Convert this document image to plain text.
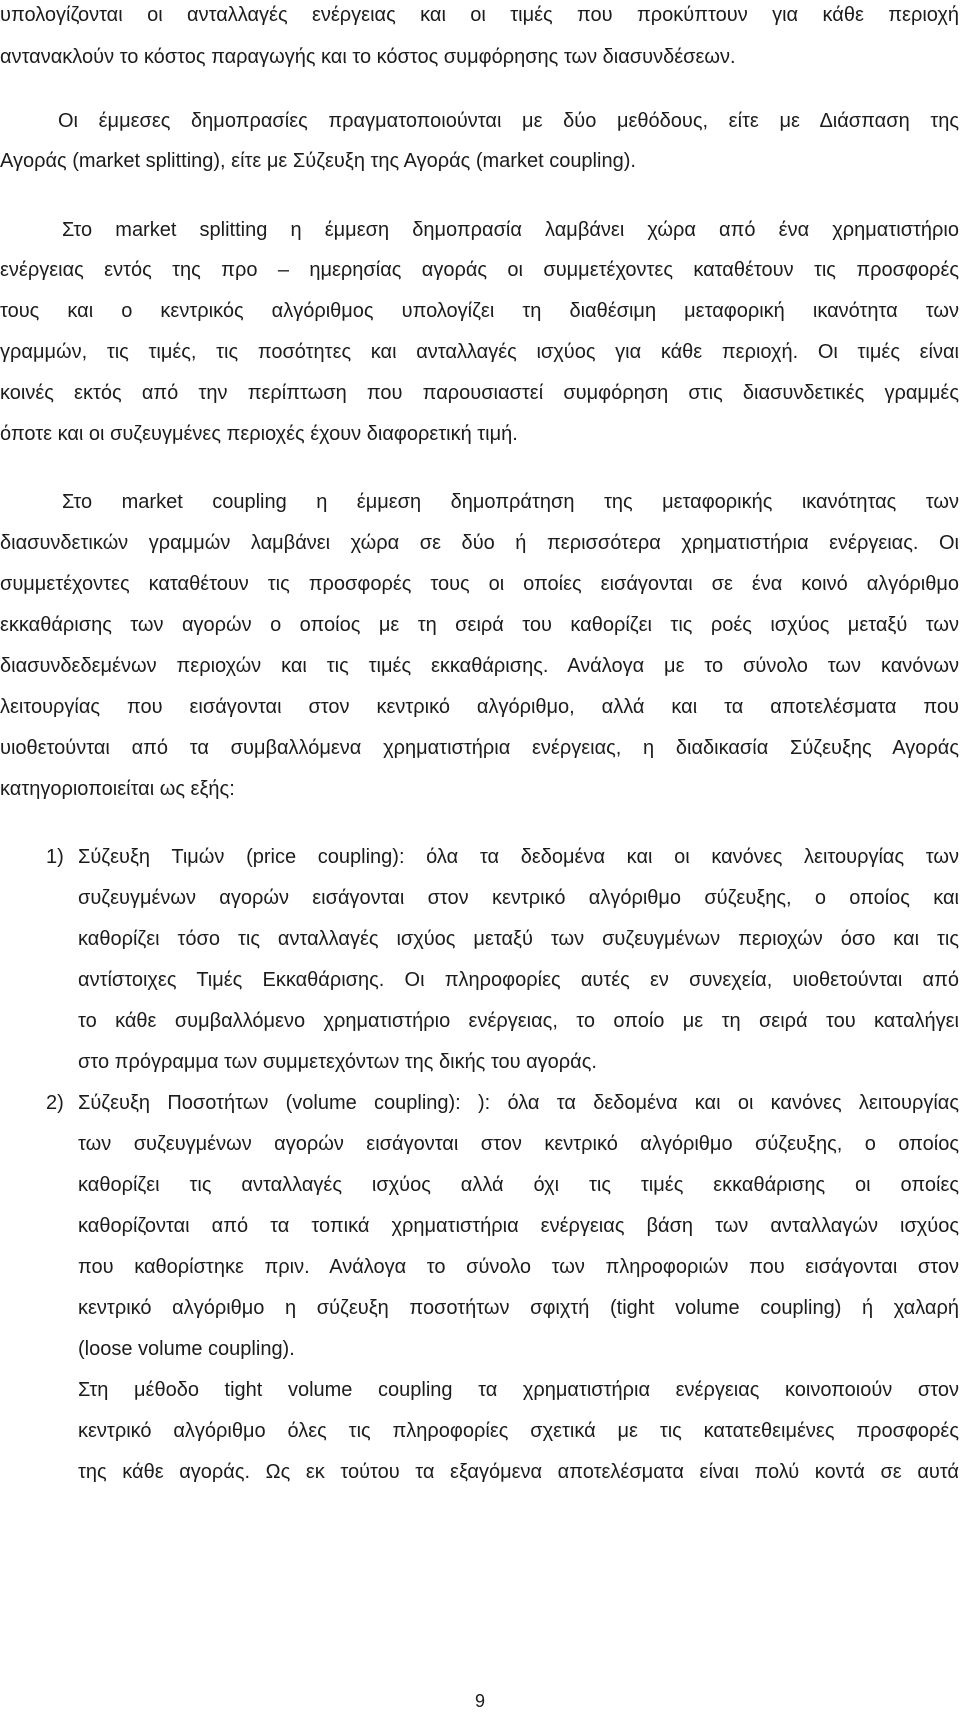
υπολογίζονται οι ανταλλαγές ενέργειας και οι τιμές που προκύπτουν για κάθε περιοχή
αντανακλούν το κόστος παραγωγής και το κόστος συμφόρησης των διασυνδέσεων.
Οι έμμεσες δημοπρασίες πραγματοποιούνται με δύο μεθόδους, είτε με Διάσπαση της
Αγοράς (market splitting), είτε με Σύζευξη της Αγοράς (market coupling).
Στο market splitting η έμμεση δημοπρασία λαμβάνει χώρα από ένα χρηματιστήριο
ενέργειας εντός της προ – ημερησίας αγοράς οι συμμετέχοντες καταθέτουν τις προσφορές
τους και ο κεντρικός αλγόριθμος υπολογίζει τη διαθέσιμη μεταφορική ικανότητα των
γραμμών, τις τιμές, τις ποσότητες και ανταλλαγές ισχύος για κάθε περιοχή. Οι τιμές είναι
κοινές εκτός από την περίπτωση που παρουσιαστεί συμφόρηση στις διασυνδετικές γραμμές
όποτε και οι συζευγμένες περιοχές έχουν διαφορετική τιμή.
Στο market coupling η έμμεση δημοπράτηση της μεταφορικής ικανότητας των
διασυνδετικών γραμμών λαμβάνει χώρα σε δύο ή περισσότερα χρηματιστήρια ενέργειας. Οι
συμμετέχοντες καταθέτουν τις προσφορές τους οι οποίες εισάγονται σε ένα κοινό αλγόριθμο
εκκαθάρισης των αγορών ο οποίος με τη σειρά του καθορίζει τις ροές ισχύος μεταξύ των
διασυνδεδεμένων περιοχών και τις τιμές εκκαθάρισης. Ανάλογα με το σύνολο των κανόνων
λειτουργίας που εισάγονται στον κεντρικό αλγόριθμο, αλλά και τα αποτελέσματα που
υιοθετούνται από τα συμβαλλόμενα χρηματιστήρια ενέργειας, η διαδικασία Σύζευξης Αγοράς
κατηγοριοποιείται ως εξής:
1) Σύζευξη Τιμών (price coupling): όλα τα δεδομένα και οι κανόνες λειτουργίας των
συζευγμένων αγορών εισάγονται στον κεντρικό αλγόριθμο σύζευξης, ο οποίος και
καθορίζει τόσο τις ανταλλαγές ισχύος μεταξύ των συζευγμένων περιοχών όσο και τις
αντίστοιχες Τιμές Εκκαθάρισης. Οι πληροφορίες αυτές εν συνεχεία, υιοθετούνται από
το κάθε συμβαλλόμενο χρηματιστήριο ενέργειας, το οποίο με τη σειρά του καταλήγει
στο πρόγραμμα των συμμετεχόντων της δικής του αγοράς.
2) Σύζευξη Ποσοτήτων (volume coupling): ): όλα τα δεδομένα και οι κανόνες λειτουργίας
των συζευγμένων αγορών εισάγονται στον κεντρικό αλγόριθμο σύζευξης, ο οποίος
καθορίζει τις ανταλλαγές ισχύος αλλά όχι τις τιμές εκκαθάρισης οι οποίες
καθορίζονται από τα τοπικά χρηματιστήρια ενέργειας βάση των ανταλλαγών ισχύος
που καθορίστηκε πριν. Ανάλογα το σύνολο των πληροφοριών που εισάγονται στον
κεντρικό αλγόριθμο η σύζευξη ποσοτήτων σφιχτή (tight volume coupling) ή χαλαρή
(loose volume coupling).
Στη μέθοδο tight volume coupling τα χρηματιστήρια ενέργειας κοινοποιούν στον
κεντρικό αλγόριθμο όλες τις πληροφορίες σχετικά με τις κατατεθειμένες προσφορές
της κάθε αγοράς. Ως εκ τούτου τα εξαγόμενα αποτελέσματα είναι πολύ κοντά σε αυτά
9
